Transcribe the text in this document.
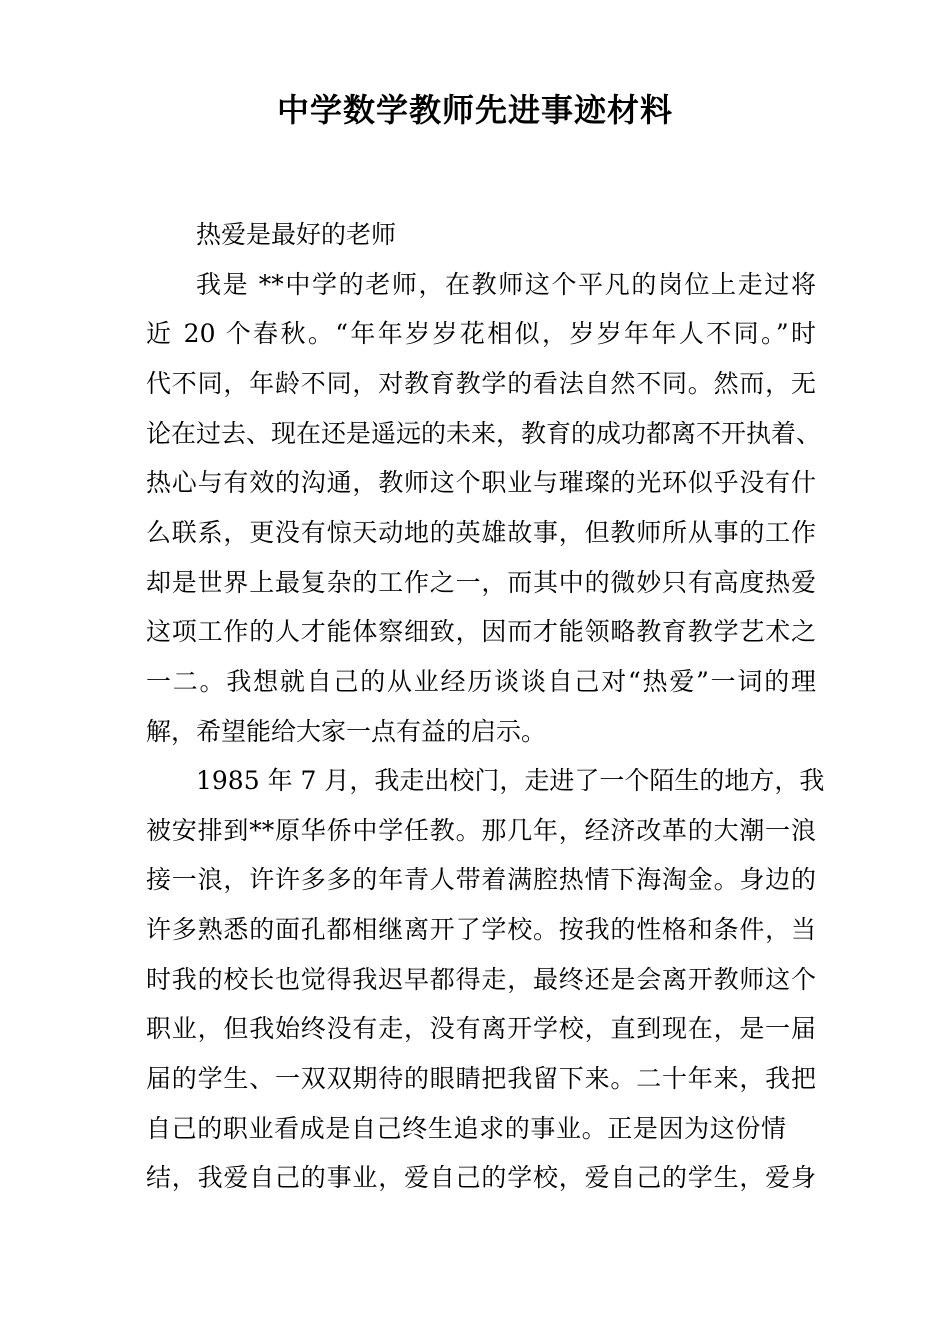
中学数学教师先进事迹材料
热爱是最好的老师
我是 **中学的老师，在教师这个平凡的岗位上走过将
近 20 个春秋。“年年岁岁花相似，岁岁年年人不同。”时
代不同，年龄不同，对教育教学的看法自然不同。然而，无
论在过去、现在还是遥远的未来，教育的成功都离不开执着、
热心与有效的沟通，教师这个职业与璀璨的光环似乎没有什
么联系，更没有惊天动地的英雄故事，但教师所从事的工作
却是世界上最复杂的工作之一，而其中的微妙只有高度热爱
这项工作的人才能体察细致，因而才能领略教育教学艺术之
一二。我想就自己的从业经历谈谈自己对“热爱”一词的理
解，希望能给大家一点有益的启示。
1985 年 7 月，我走出校门，走进了一个陌生的地方，我
被安排到**原华侨中学任教。那几年，经济改革的大潮一浪
接一浪，许许多多的年青人带着满腔热情下海淘金。身边的
许多熟悉的面孔都相继离开了学校。按我的性格和条件，当
时我的校长也觉得我迟早都得走，最终还是会离开教师这个
职业，但我始终没有走，没有离开学校，直到现在，是一届
届的学生、一双双期待的眼睛把我留下来。二十年来，我把
自己的职业看成是自己终生追求的事业。正是因为这份情
结，我爱自己的事业，爱自己的学校，爱自己的学生，爱身
